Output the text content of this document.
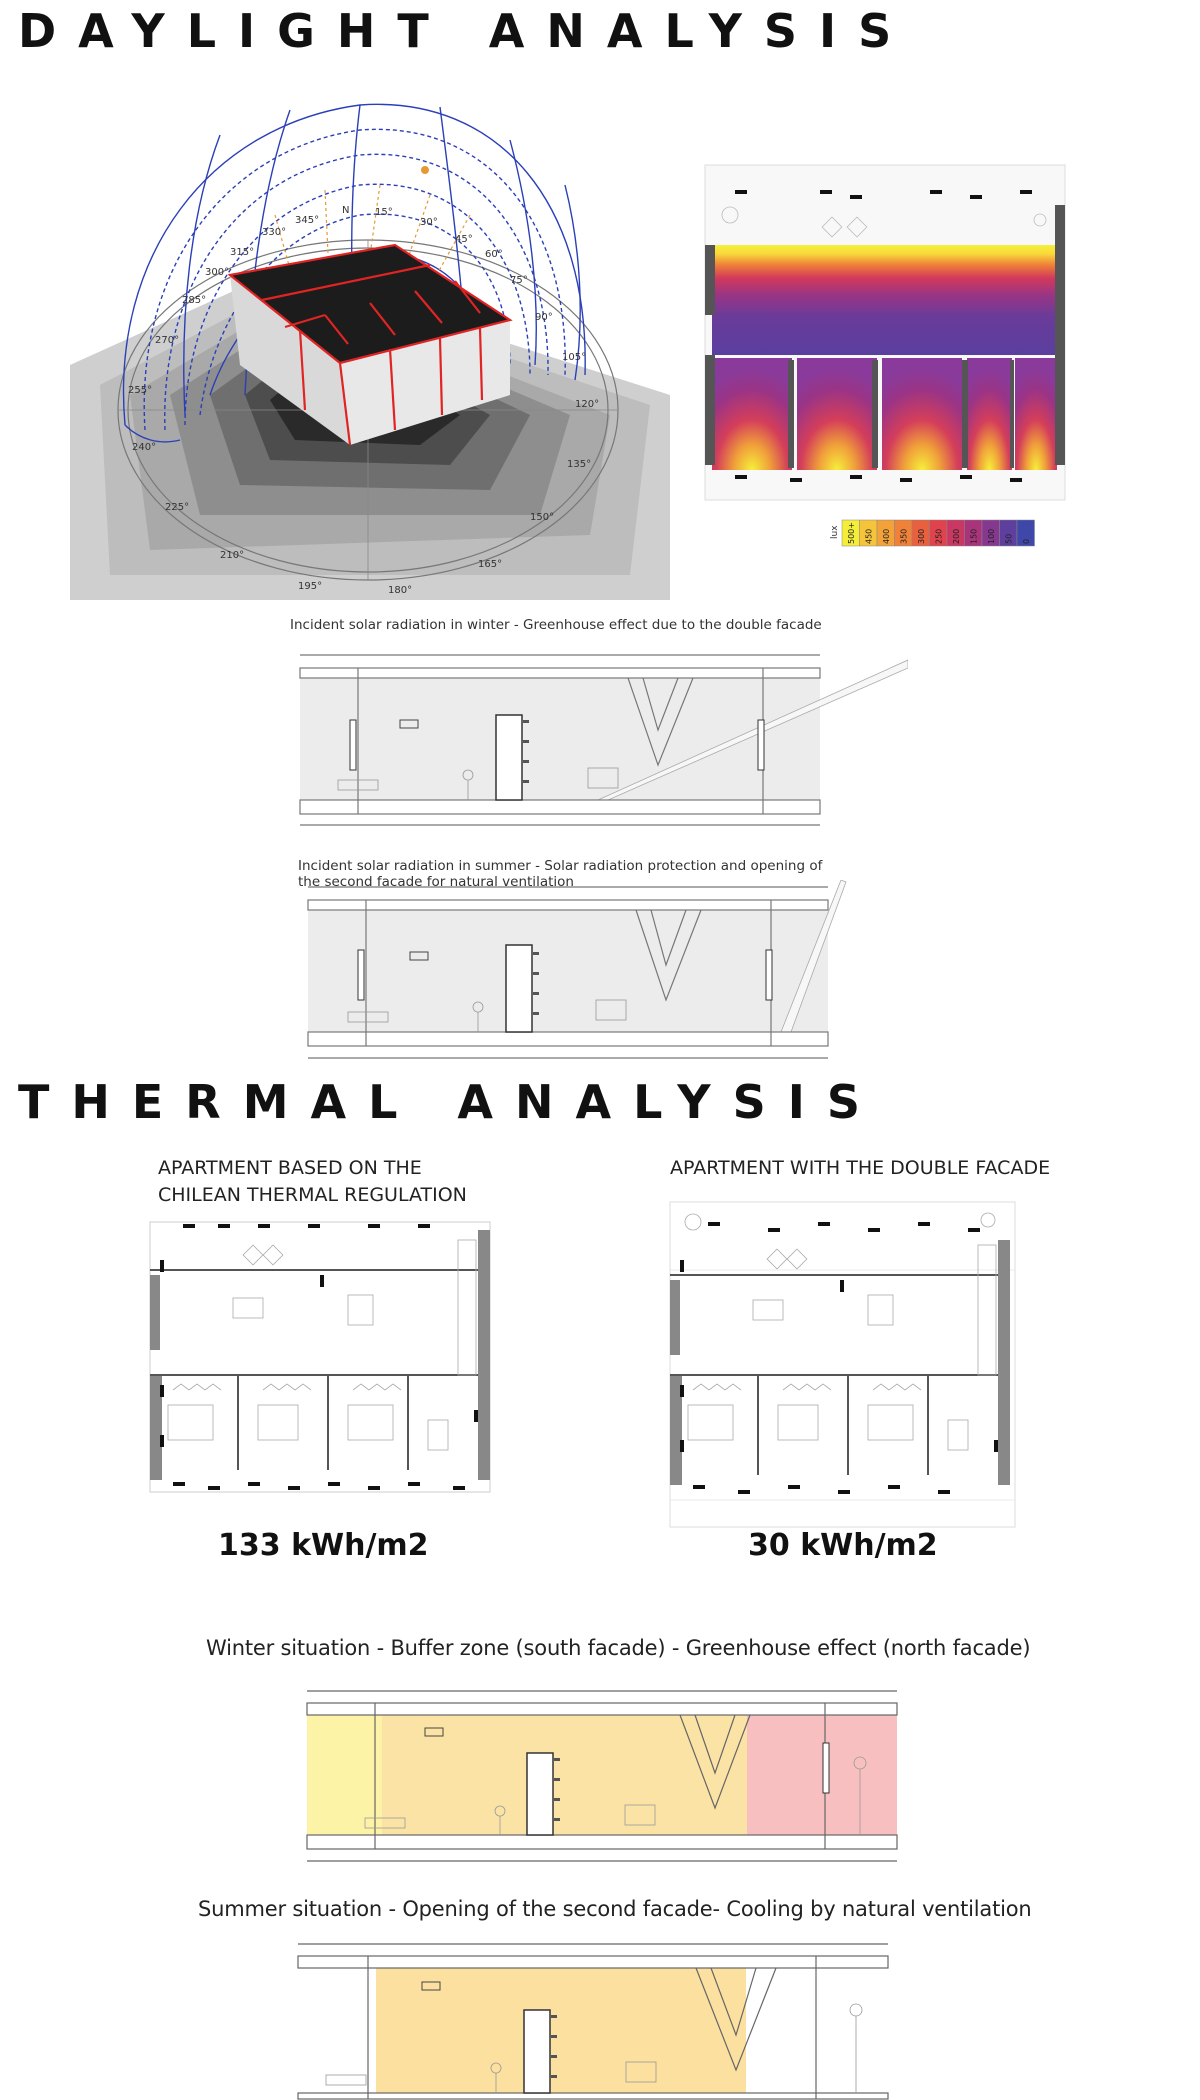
DAYLIGHT ANALYSIS
345°
N	15°
30°
45°
330°
315°	60°
75°
90°
105°
120°
135°
150°
165°
180°
195°
210°
225°
240°
255°
270°
285°
300°
lux 500+ 450 400 350 300 250 200 150 100 50 0
Incident solar radiation in winter - Greenhouse effect due to the double facade
Incident solar radiation in summer - Solar radiation protection and opening of the second facade for natural ventilation
THERMAL ANALYSIS
APARTMENT BASED ON THE
CHILEAN THERMAL REGULATION
APARTMENT WITH THE DOUBLE FACADE
133 kWh/m2	30 kWh/m2
Winter situation - Buffer zone (south facade) - Greenhouse effect (north facade)
Summer situation - Opening of the second facade- Cooling by natural ventilation
